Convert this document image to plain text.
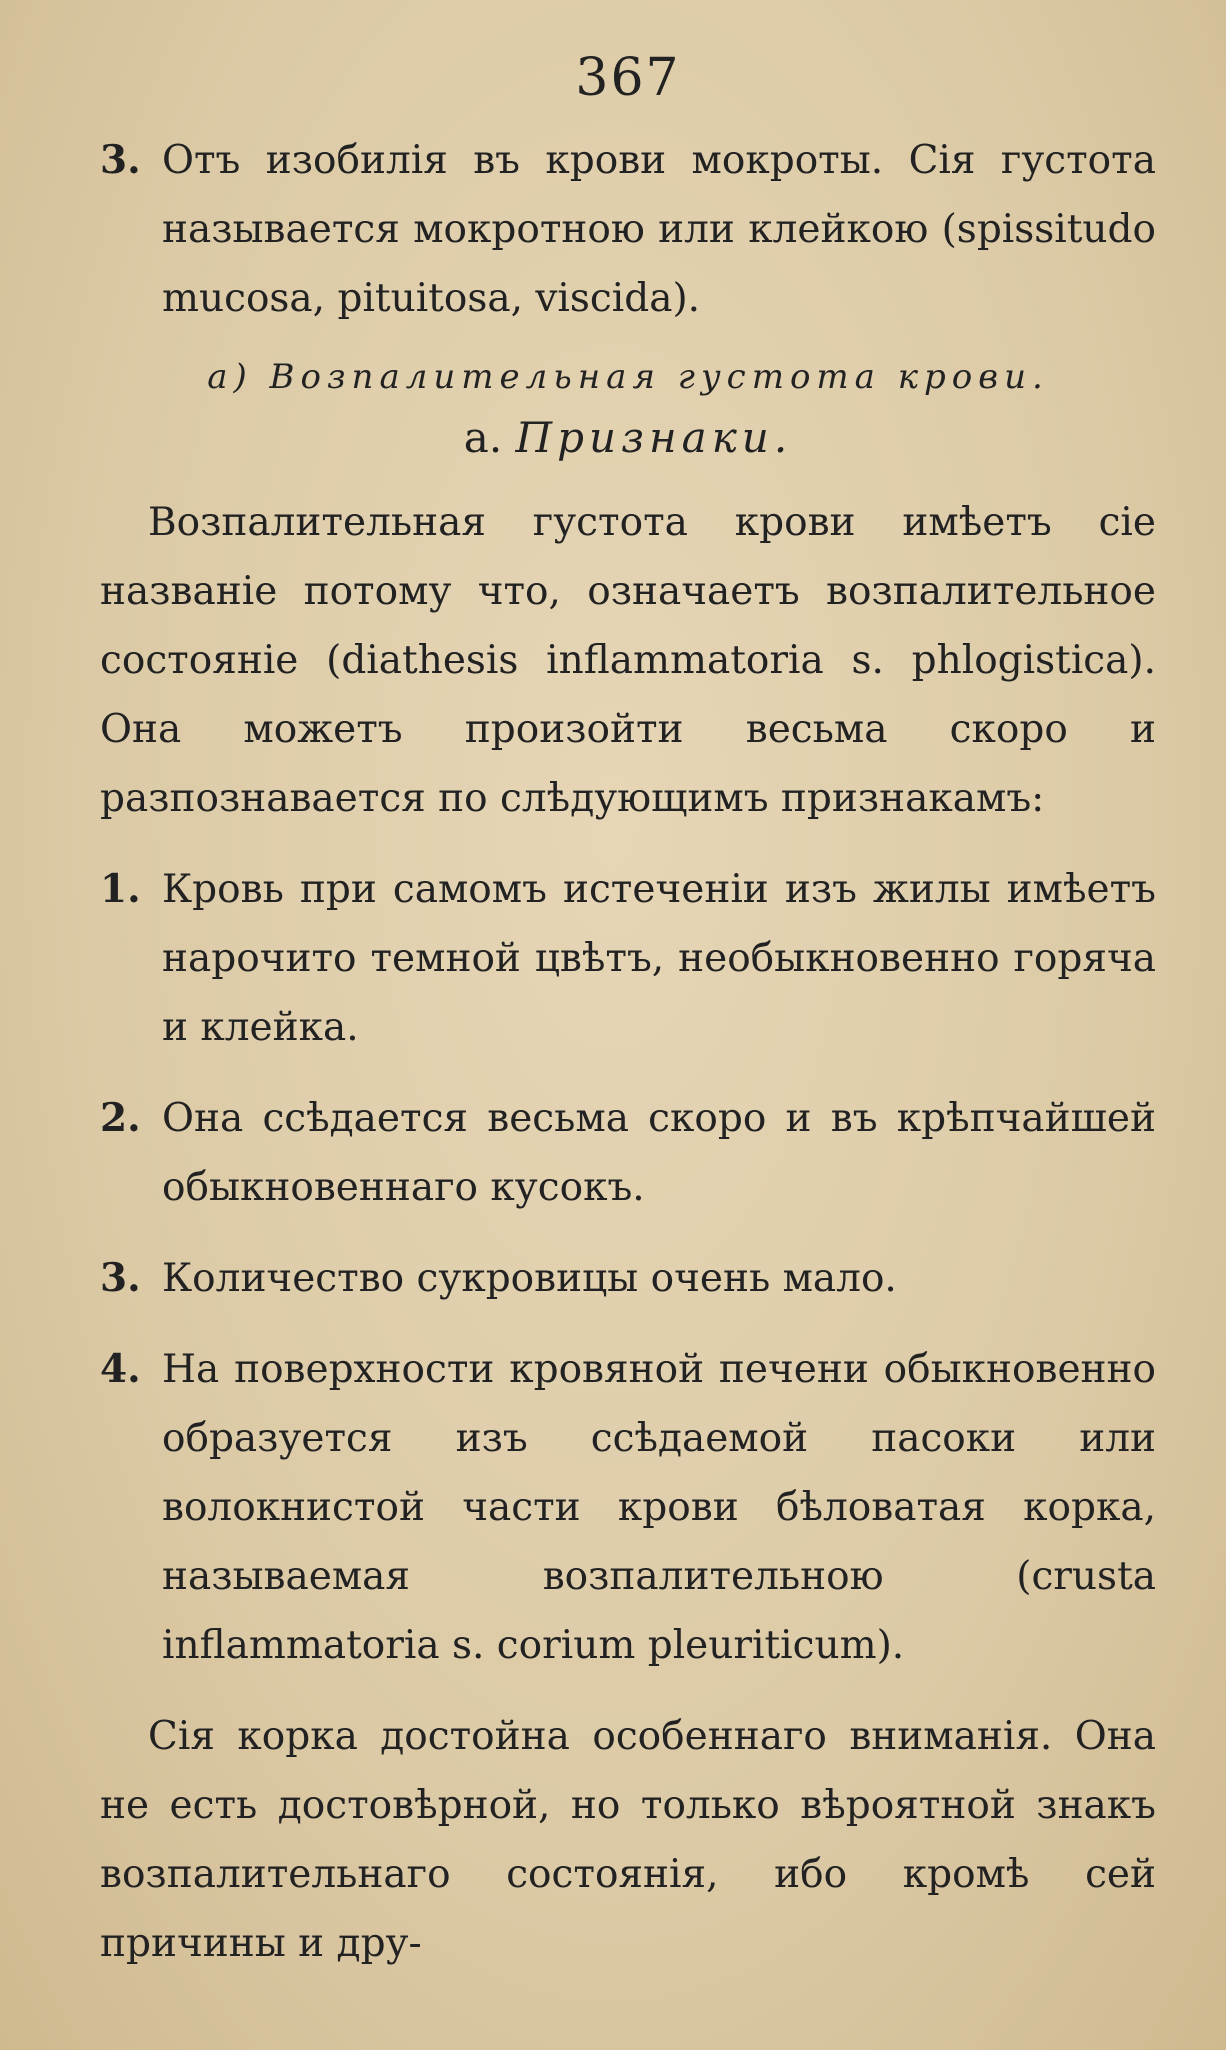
367
3. Отъ изобилія въ крови мокроты. Сія густота называется мокротною или клейкою (spissitudo mucosa, pituitosa, viscida).
а) Возпалительная густота крови.
а. Признаки.

Возпалительная густота крови имѣетъ сіе названіе потому что, означаетъ возпалительное состояніе (diathesis inflammatoria s. phlogistica). Она можетъ произойти весьма скоро и разпознавается по слѣдующимъ признакамъ:

1. Кровь при самомъ истеченіи изъ жилы имѣетъ нарочито темной цвѣтъ, необыкновенно горяча и клейка.
2. Она ссѣдается весьма скоро и въ крѣпчайшей обыкновеннаго кусокъ.
3. Количество сукровицы очень мало.
4. На поверхности кровяной печени обыкновенно образуется изъ ссѣдаемой пасоки или волокнистой части крови бѣловатая корка, называемая возпалительною (crusta inflammatoria s. corium pleuriticum).

Сія корка достойна особеннаго вниманія. Она не есть достовѣрной, но только вѣроятной знакъ возпалительнаго состоянія, ибо кромѣ сей причины и дру-
